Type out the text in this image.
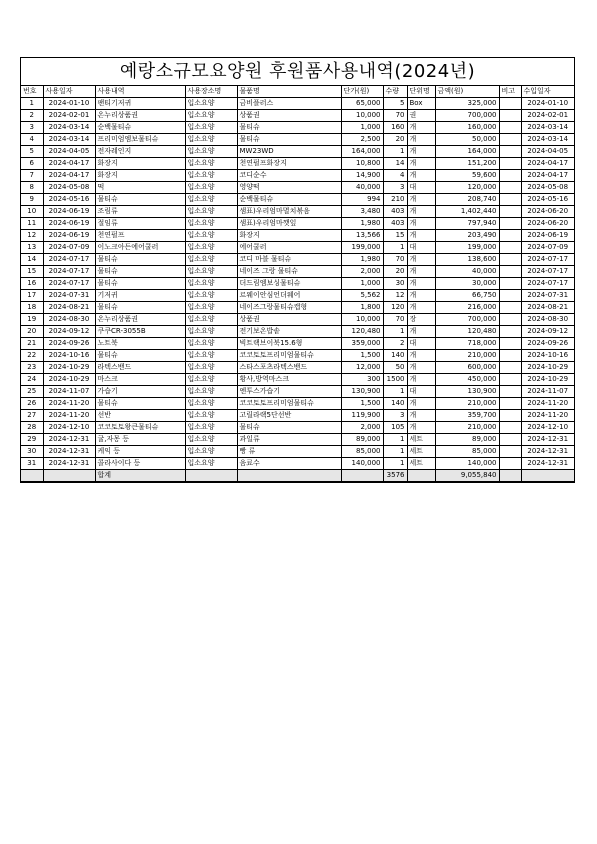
예랑소규모요양원 후원품사용내역(2024년)
번호	사용일자	사용내역	사용장소명	물품명	단가(원)	수량	단위명	금액(원)	비고	수입일자
1	2024-01-10	팬티기저귀	입소요양	금비플러스	65,000	5	Box	325,000		2024-01-10
2	2024-02-01	온누리상품권	입소요양	상품권	10,000	70	권	700,000		2024-02-01
3	2024-03-14	순백물티슈	입소요양	물티슈	1,000	160	개	160,000		2024-03-14
4	2024-03-14	프리미엄엠보물티슈	입소요양	물티슈	2,500	20	개	50,000		2024-03-14
5	2024-04-05	전자레인지	입소요양	MW23WD	164,000	1	개	164,000		2024-04-05
6	2024-04-17	화장지	입소요양	천연펄프화장지	10,800	14	개	151,200		2024-04-17
7	2024-04-17	화장지	입소요양	코디순수	14,900	4	개	59,600		2024-04-17
8	2024-05-08	떡	입소요양	영양떡	40,000	3	대	120,000		2024-05-08
9	2024-05-16	물티슈	입소요양	순백물티슈	994	210	개	208,740		2024-05-16
10	2024-06-19	조림류	입소요양	샘표)우리엄마멸치볶음	3,480	403	개	1,402,440		2024-06-20
11	2024-06-19	절임류	입소요양	샘표)우리엄마깻잎	1,980	403	개	797,940		2024-06-20
12	2024-06-19	천연펄프	입소요양	화장지	13,566	15	개	203,490		2024-06-19
13	2024-07-09	이노크아든에어쿨러	입소요양	에어쿨러	199,000	1	대	199,000		2024-07-09
14	2024-07-17	물티슈	입소요양	코디 마블 물티슈	1,980	70	개	138,600		2024-07-17
15	2024-07-17	물티슈	입소요양	네이즈 그랑 물티슈	2,000	20	개	40,000		2024-07-17
16	2024-07-17	물티슈	입소요양	더드림엠보싱물티슈	1,000	30	개	30,000		2024-07-17
17	2024-07-31	기저귀	입소요양	르웨이안심언더웨어	5,562	12	개	66,750		2024-07-31
18	2024-08-21	물티슈	입소요양	네이즈그랑물티슈캡형	1,800	120	개	216,000		2024-08-21
19	2024-08-30	온누리상품권	입소요양	상품권	10,000	70	장	700,000		2024-08-30
20	2024-09-12	쿠쿠CR-3055B	입소요양	전기보온밥솥	120,480	1	개	120,480		2024-09-12
21	2024-09-26	노트북	입소요양	빅트랙브이북15.6형	359,000	2	대	718,000		2024-09-26
22	2024-10-16	물티슈	입소요양	코코토토프리미엄물티슈	1,500	140	개	210,000		2024-10-16
23	2024-10-29	라텍스밴드	입소요양	스타스포츠라텍스밴드	12,000	50	개	600,000		2024-10-29
24	2024-10-29	마스크	입소요양	황사,방역마스크	300	1500	개	450,000		2024-10-29
25	2024-11-07	가습기	입소요양	엔투스가습기	130,900	1	대	130,900		2024-11-07
26	2024-11-20	물티슈	입소요양	코코토토프리미엄물티슈	1,500	140	개	210,000		2024-11-20
27	2024-11-20	선반	입소요양	고릴라랙5단선반	119,900	3	개	359,700		2024-11-20
28	2024-12-10	코코토토왕큰물티슈	입소요양	물티슈	2,000	105	개	210,000		2024-12-10
29	2024-12-31	귤,자몽 등	입소요양	과일류	89,000	1	세트	89,000		2024-12-31
30	2024-12-31	케익 등	입소요양	빵 류	85,000	1	세트	85,000		2024-12-31
31	2024-12-31	콜라사이다 등	입소요양	음료수	140,000	1	세트	140,000		2024-12-31
		합계				3576		9,055,840		
